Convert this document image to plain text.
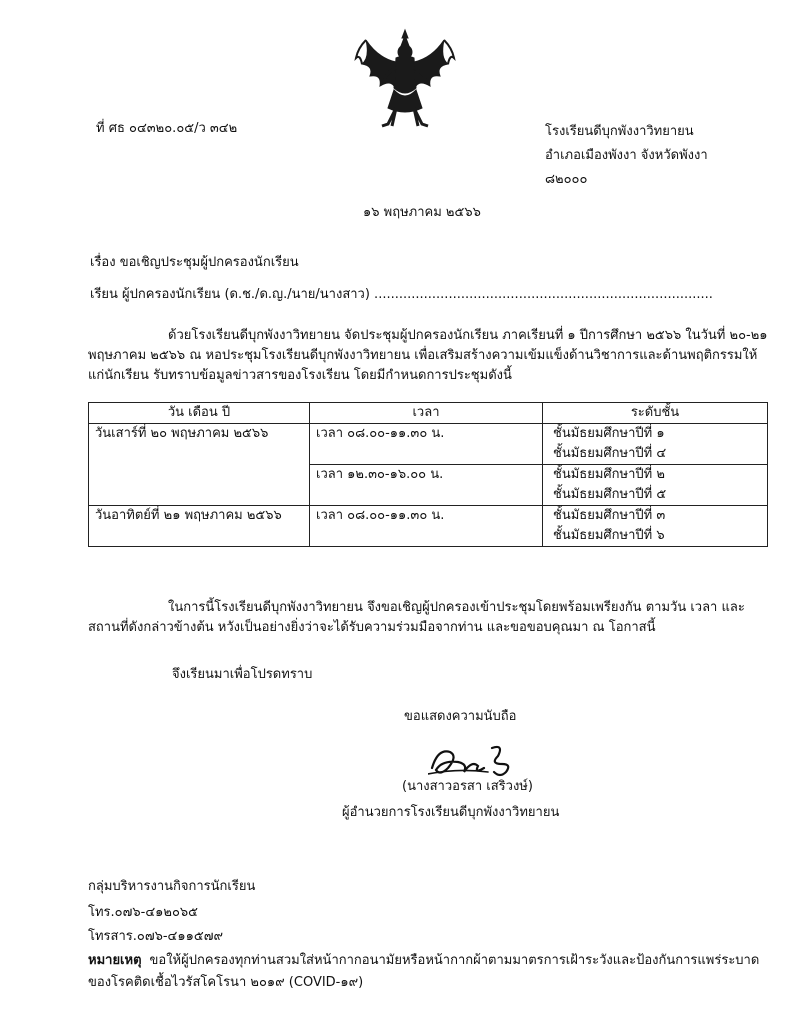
ที่ ศธ ๐๔๓๒๐.๐๕/ว ๓๔๒	โรงเรียนดีบุกพังงาวิทยายน
อำเภอเมืองพังงา จังหวัดพังงา
๘๒๐๐๐
๑๖ พฤษภาคม ๒๕๖๖
เรื่อง ขอเชิญประชุมผู้ปกครองนักเรียน
เรียน ผู้ปกครองนักเรียน (ด.ช./ด.ญ./นาย/นางสาว) ..................................................................................
ด้วยโรงเรียนดีบุกพังงาวิทยายน จัดประชุมผู้ปกครองนักเรียน ภาคเรียนที่ ๑ ปีการศึกษา ๒๕๖๖ ในวันที่ ๒๐-๒๑ พฤษภาคม ๒๕๖๖ ณ หอประชุมโรงเรียนดีบุกพังงาวิทยายน เพื่อเสริมสร้างความเข้มแข็งด้านวิชาการและด้านพฤติกรรมให้แก่นักเรียน รับทราบข้อมูลข่าวสารของโรงเรียน โดยมีกำหนดการประชุมดังนี้
วัน เดือน ปี	เวลา	ระดับชั้น
วันเสาร์ที่ ๒๐ พฤษภาคม ๒๕๖๖	เวลา ๐๘.๐๐-๑๑.๓๐ น.	ชั้นมัธยมศึกษาปีที่ ๑
ชั้นมัธยมศึกษาปีที่ ๔

	เวลา ๑๒.๓๐-๑๖.๐๐ น.	ชั้นมัธยมศึกษาปีที่ ๒
ชั้นมัธยมศึกษาปีที่ ๕

วันอาทิตย์ที่ ๒๑ พฤษภาคม ๒๕๖๖	เวลา ๐๘.๐๐-๑๑.๓๐ น.	ชั้นมัธยมศึกษาปีที่ ๓
ชั้นมัธยมศึกษาปีที่ ๖
ในการนี้โรงเรียนดีบุกพังงาวิทยายน จึงขอเชิญผู้ปกครองเข้าประชุมโดยพร้อมเพรียงกัน ตามวัน เวลา และสถานที่ดังกล่าวข้างต้น หวังเป็นอย่างยิ่งว่าจะได้รับความร่วมมือจากท่าน และขอขอบคุณมา ณ โอกาสนี้
จึงเรียนมาเพื่อโปรดทราบ
ขอแสดงความนับถือ
(นางสาวอรสา เสริวงษ์)
ผู้อำนวยการโรงเรียนดีบุกพังงาวิทยายน
กลุ่มบริหารงานกิจการนักเรียน
โทร.๐๗๖-๔๑๒๐๖๕
โทรสาร.๐๗๖-๔๑๑๕๗๙
หมายเหตุ ขอให้ผู้ปกครองทุกท่านสวมใส่หน้ากากอนามัยหรือหน้ากากผ้าตามมาตรการเฝ้าระวังและป้องกันการแพร่ระบาดของโรคติดเชื้อไวรัสโคโรนา ๒๐๑๙ (COVID-๑๙)
